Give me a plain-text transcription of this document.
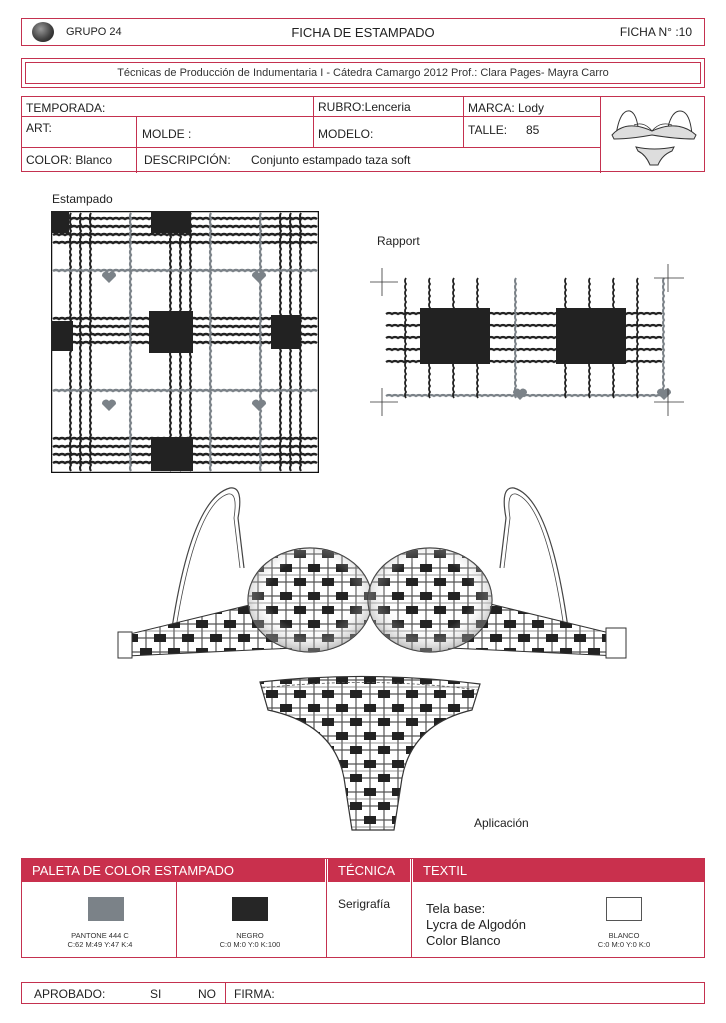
GRUPO 24	FICHA DE ESTAMPADO	FICHA N° :10
Técnicas de Producción de Indumentaria I - Cátedra Camargo 2012 Prof.: Clara Pages- Mayra Carro
TEMPORADA:	RUBRO:Lenceria	MARCA: Lody
ART:	MOLDE :	MODELO:	TALLE: 85
COLOR: Blanco	DESCRIPCIÓN: Conjunto estampado taza soft
Estampado
Rapport
Aplicación
PALETA DE COLOR ESTAMPADO	TÉCNICA	TEXTIL
PANTONE 444 C
C:62 M:49 Y:47 K:4
NEGRO
C:0 M:0 Y:0 K:100
Serigrafía	Tela base:
Lycra de Algodón
Color Blanco	BLANCO
C:0 M:0 Y:0 K:0
APROBADO:	SI	NO FIRMA:
